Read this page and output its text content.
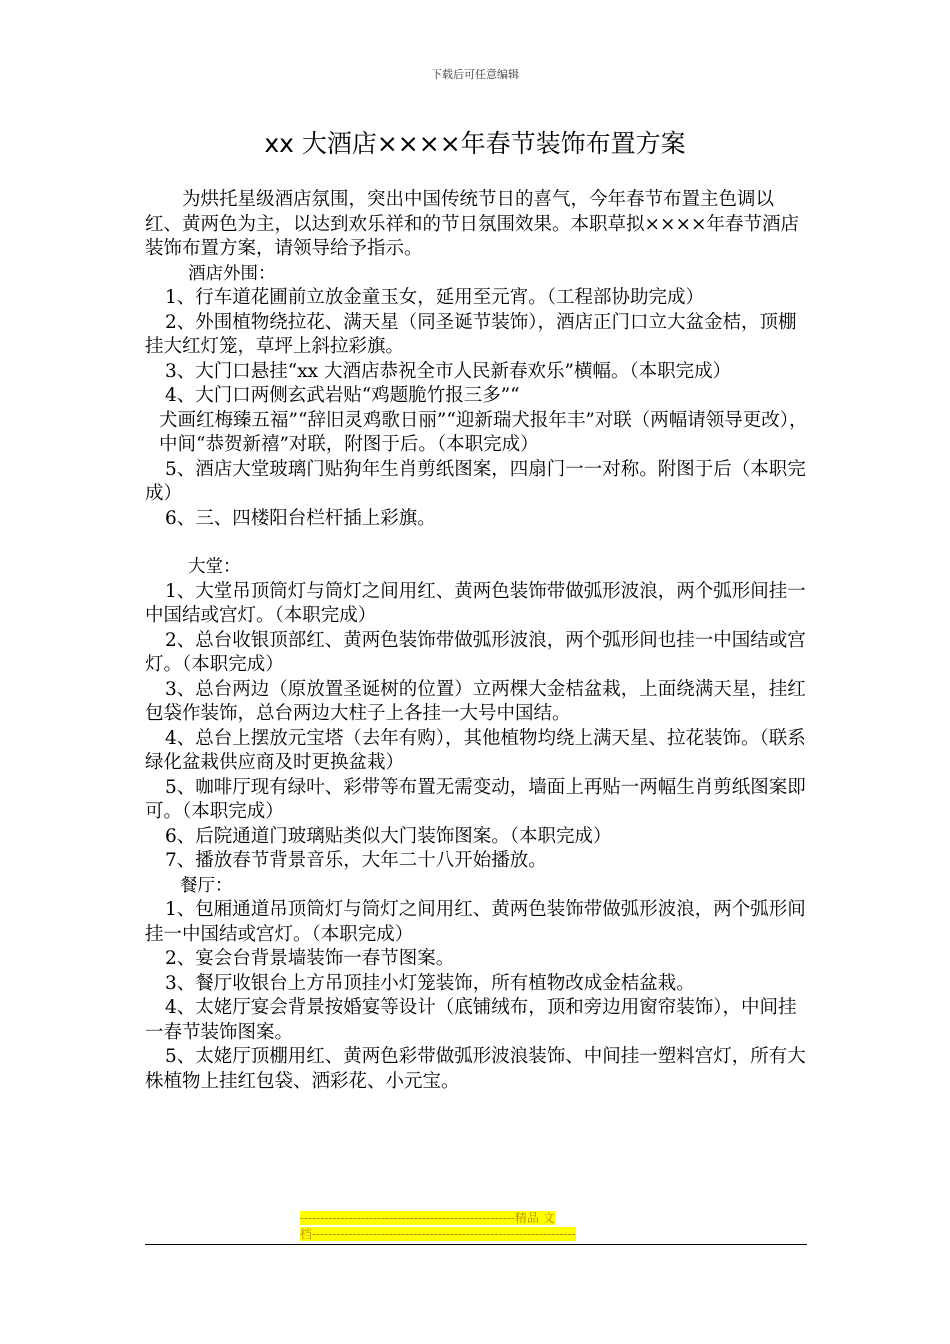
下载后可任意编辑
xx 大酒店××××年春节装饰布置方案

为烘托星级酒店氛围，突出中国传统节日的喜气，今年春节布置主色调以红、黄两色为主，以达到欢乐祥和的节日氛围效果。本职草拟××××年春节酒店装饰布置方案，请领导给予指示。

酒店外围：

1、行车道花圃前立放金童玉女，延用至元宵。（工程部协助完成）

2、外围植物绕拉花、满天星（同圣诞节装饰），酒店正门口立大盆金桔，顶棚挂大红灯笼，草坪上斜拉彩旗。

3、大门口悬挂“xx 大酒店恭祝全市人民新春欢乐”横幅。（本职完成）

4、大门口两侧玄武岩贴“鸡题脆竹报三多”“

犬画红梅臻五福”“辞旧灵鸡歌日丽”“迎新瑞犬报年丰”对联（两幅请领导更改），中间“恭贺新禧”对联，附图于后。（本职完成）

5、酒店大堂玻璃门贴狗年生肖剪纸图案，四扇门一一对称。附图于后（本职完成）

6、三、四楼阳台栏杆插上彩旗。

大堂：

1、大堂吊顶筒灯与筒灯之间用红、黄两色装饰带做弧形波浪，两个弧形间挂一中国结或宫灯。（本职完成）

2、总台收银顶部红、黄两色装饰带做弧形波浪，两个弧形间也挂一中国结或宫灯。（本职完成）

3、总台两边（原放置圣诞树的位置）立两棵大金桔盆栽，上面绕满天星，挂红包袋作装饰，总台两边大柱子上各挂一大号中国结。

4、总台上摆放元宝塔（去年有购），其他植物均绕上满天星、拉花装饰。（联系绿化盆栽供应商及时更换盆栽）

5、咖啡厅现有绿叶、彩带等布置无需变动，墙面上再贴一两幅生肖剪纸图案即可。（本职完成）

6、后院通道门玻璃贴类似大门装饰图案。（本职完成）

7、播放春节背景音乐，大年二十八开始播放。

餐厅：

1、包厢通道吊顶筒灯与筒灯之间用红、黄两色装饰带做弧形波浪，两个弧形间挂一中国结或宫灯。（本职完成）

2、宴会台背景墙装饰一春节图案。

3、餐厅收银台上方吊顶挂小灯笼装饰，所有植物改成金桔盆栽。

4、太姥厅宴会背景按婚宴等设计（底铺绒布，顶和旁边用窗帘装饰），中间挂一春节装饰图案。

5、太姥厅顶棚用红、黄两色彩带做弧形波浪装饰、中间挂一塑料宫灯，所有大株植物上挂红包袋、洒彩花、小元宝。

-----------------------------------------------------精品 文
档-----------------------------------------------------------------
